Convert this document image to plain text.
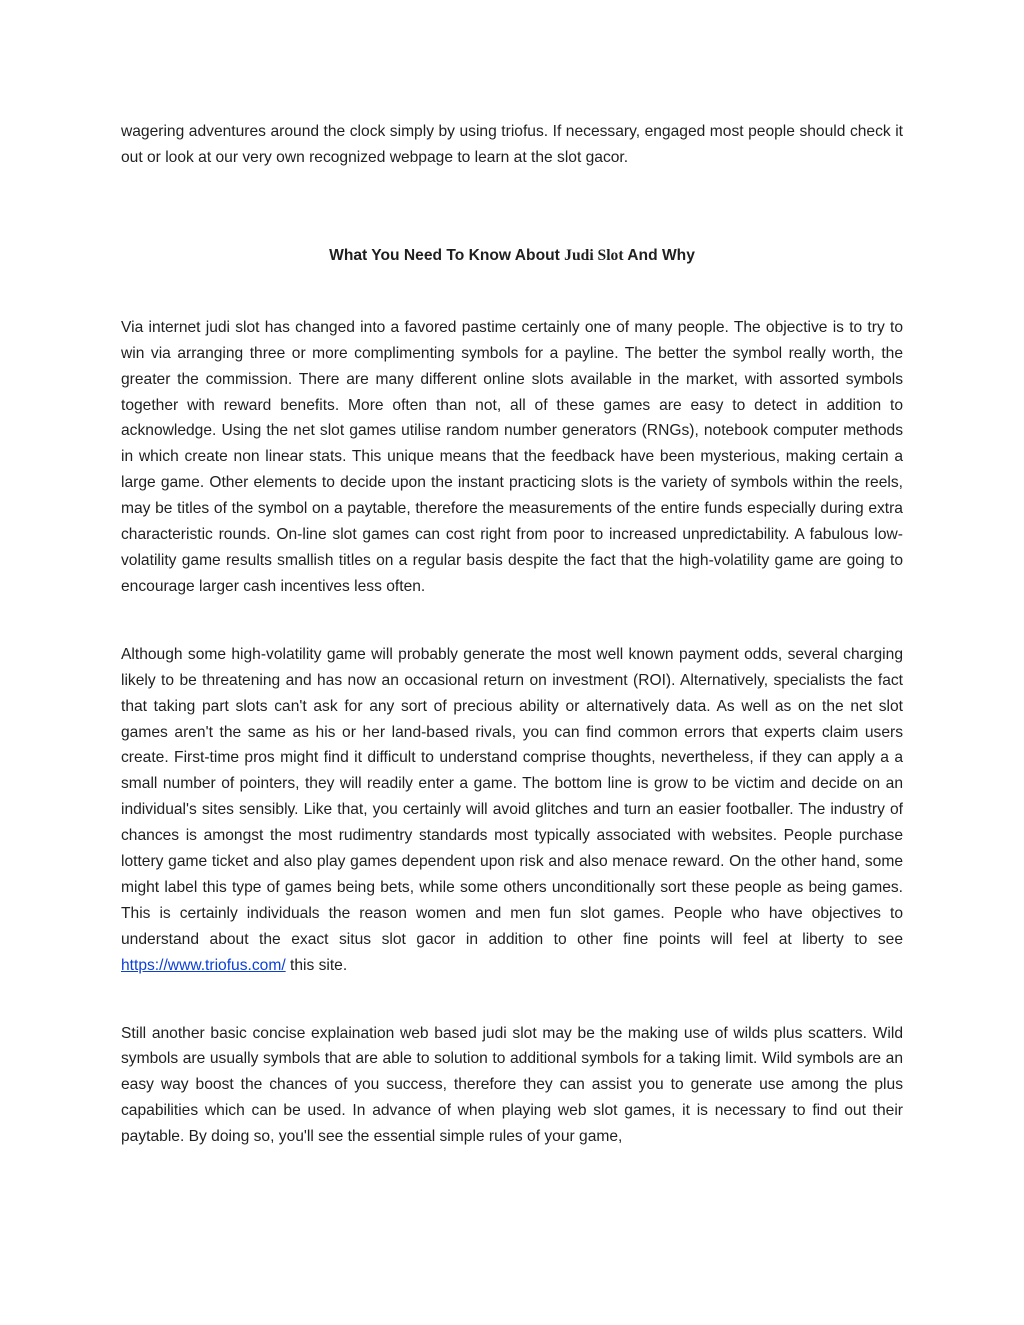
wagering adventures around the clock simply by using triofus. If necessary, engaged most people should check it out or look at our very own recognized webpage to learn at the slot gacor.

What You Need To Know About Judi Slot And Why

Via internet judi slot has changed into a favored pastime certainly one of many people. The objective is to try to win via arranging three or more complimenting symbols for a payline. The better the symbol really worth, the greater the commission. There are many different online slots available in the market, with assorted symbols together with reward benefits. More often than not, all of these games are easy to detect in addition to acknowledge. Using the net slot games utilise random number generators (RNGs), notebook computer methods in which create non linear stats. This unique means that the feedback have been mysterious, making certain a large game. Other elements to decide upon the instant practicing slots is the variety of symbols within the reels, may be titles of the symbol on a paytable, therefore the measurements of the entire funds especially during extra characteristic rounds. On-line slot games can cost right from poor to increased unpredictability. A fabulous low-volatility game results smallish titles on a regular basis despite the fact that the high-volatility game are going to encourage larger cash incentives less often.

Although some high-volatility game will probably generate the most well known payment odds, several charging likely to be threatening and has now an occasional return on investment (ROI). Alternatively, specialists the fact that taking part slots can't ask for any sort of precious ability or alternatively data. As well as on the net slot games aren't the same as his or her land-based rivals, you can find common errors that experts claim users create. First-time pros might find it difficult to understand comprise thoughts, nevertheless, if they can apply a a small number of pointers, they will readily enter a game. The bottom line is grow to be victim and decide on an individual's sites sensibly. Like that, you certainly will avoid glitches and turn an easier footballer. The industry of chances is amongst the most rudimentry standards most typically associated with websites. People purchase lottery game ticket and also play games dependent upon risk and also menace reward. On the other hand, some might label this type of games being bets, while some others unconditionally sort these people as being games. This is certainly individuals the reason women and men fun slot games. People who have objectives to understand about the exact situs slot gacor in addition to other fine points will feel at liberty to see https://www.triofus.com/ this site.

Still another basic concise explaination web based judi slot may be the making use of wilds plus scatters. Wild symbols are usually symbols that are able to solution to additional symbols for a taking limit. Wild symbols are an easy way boost the chances of you success, therefore they can assist you to generate use among the plus capabilities which can be used. In advance of when playing web slot games, it is necessary to find out their paytable. By doing so, you'll see the essential simple rules of your game,
